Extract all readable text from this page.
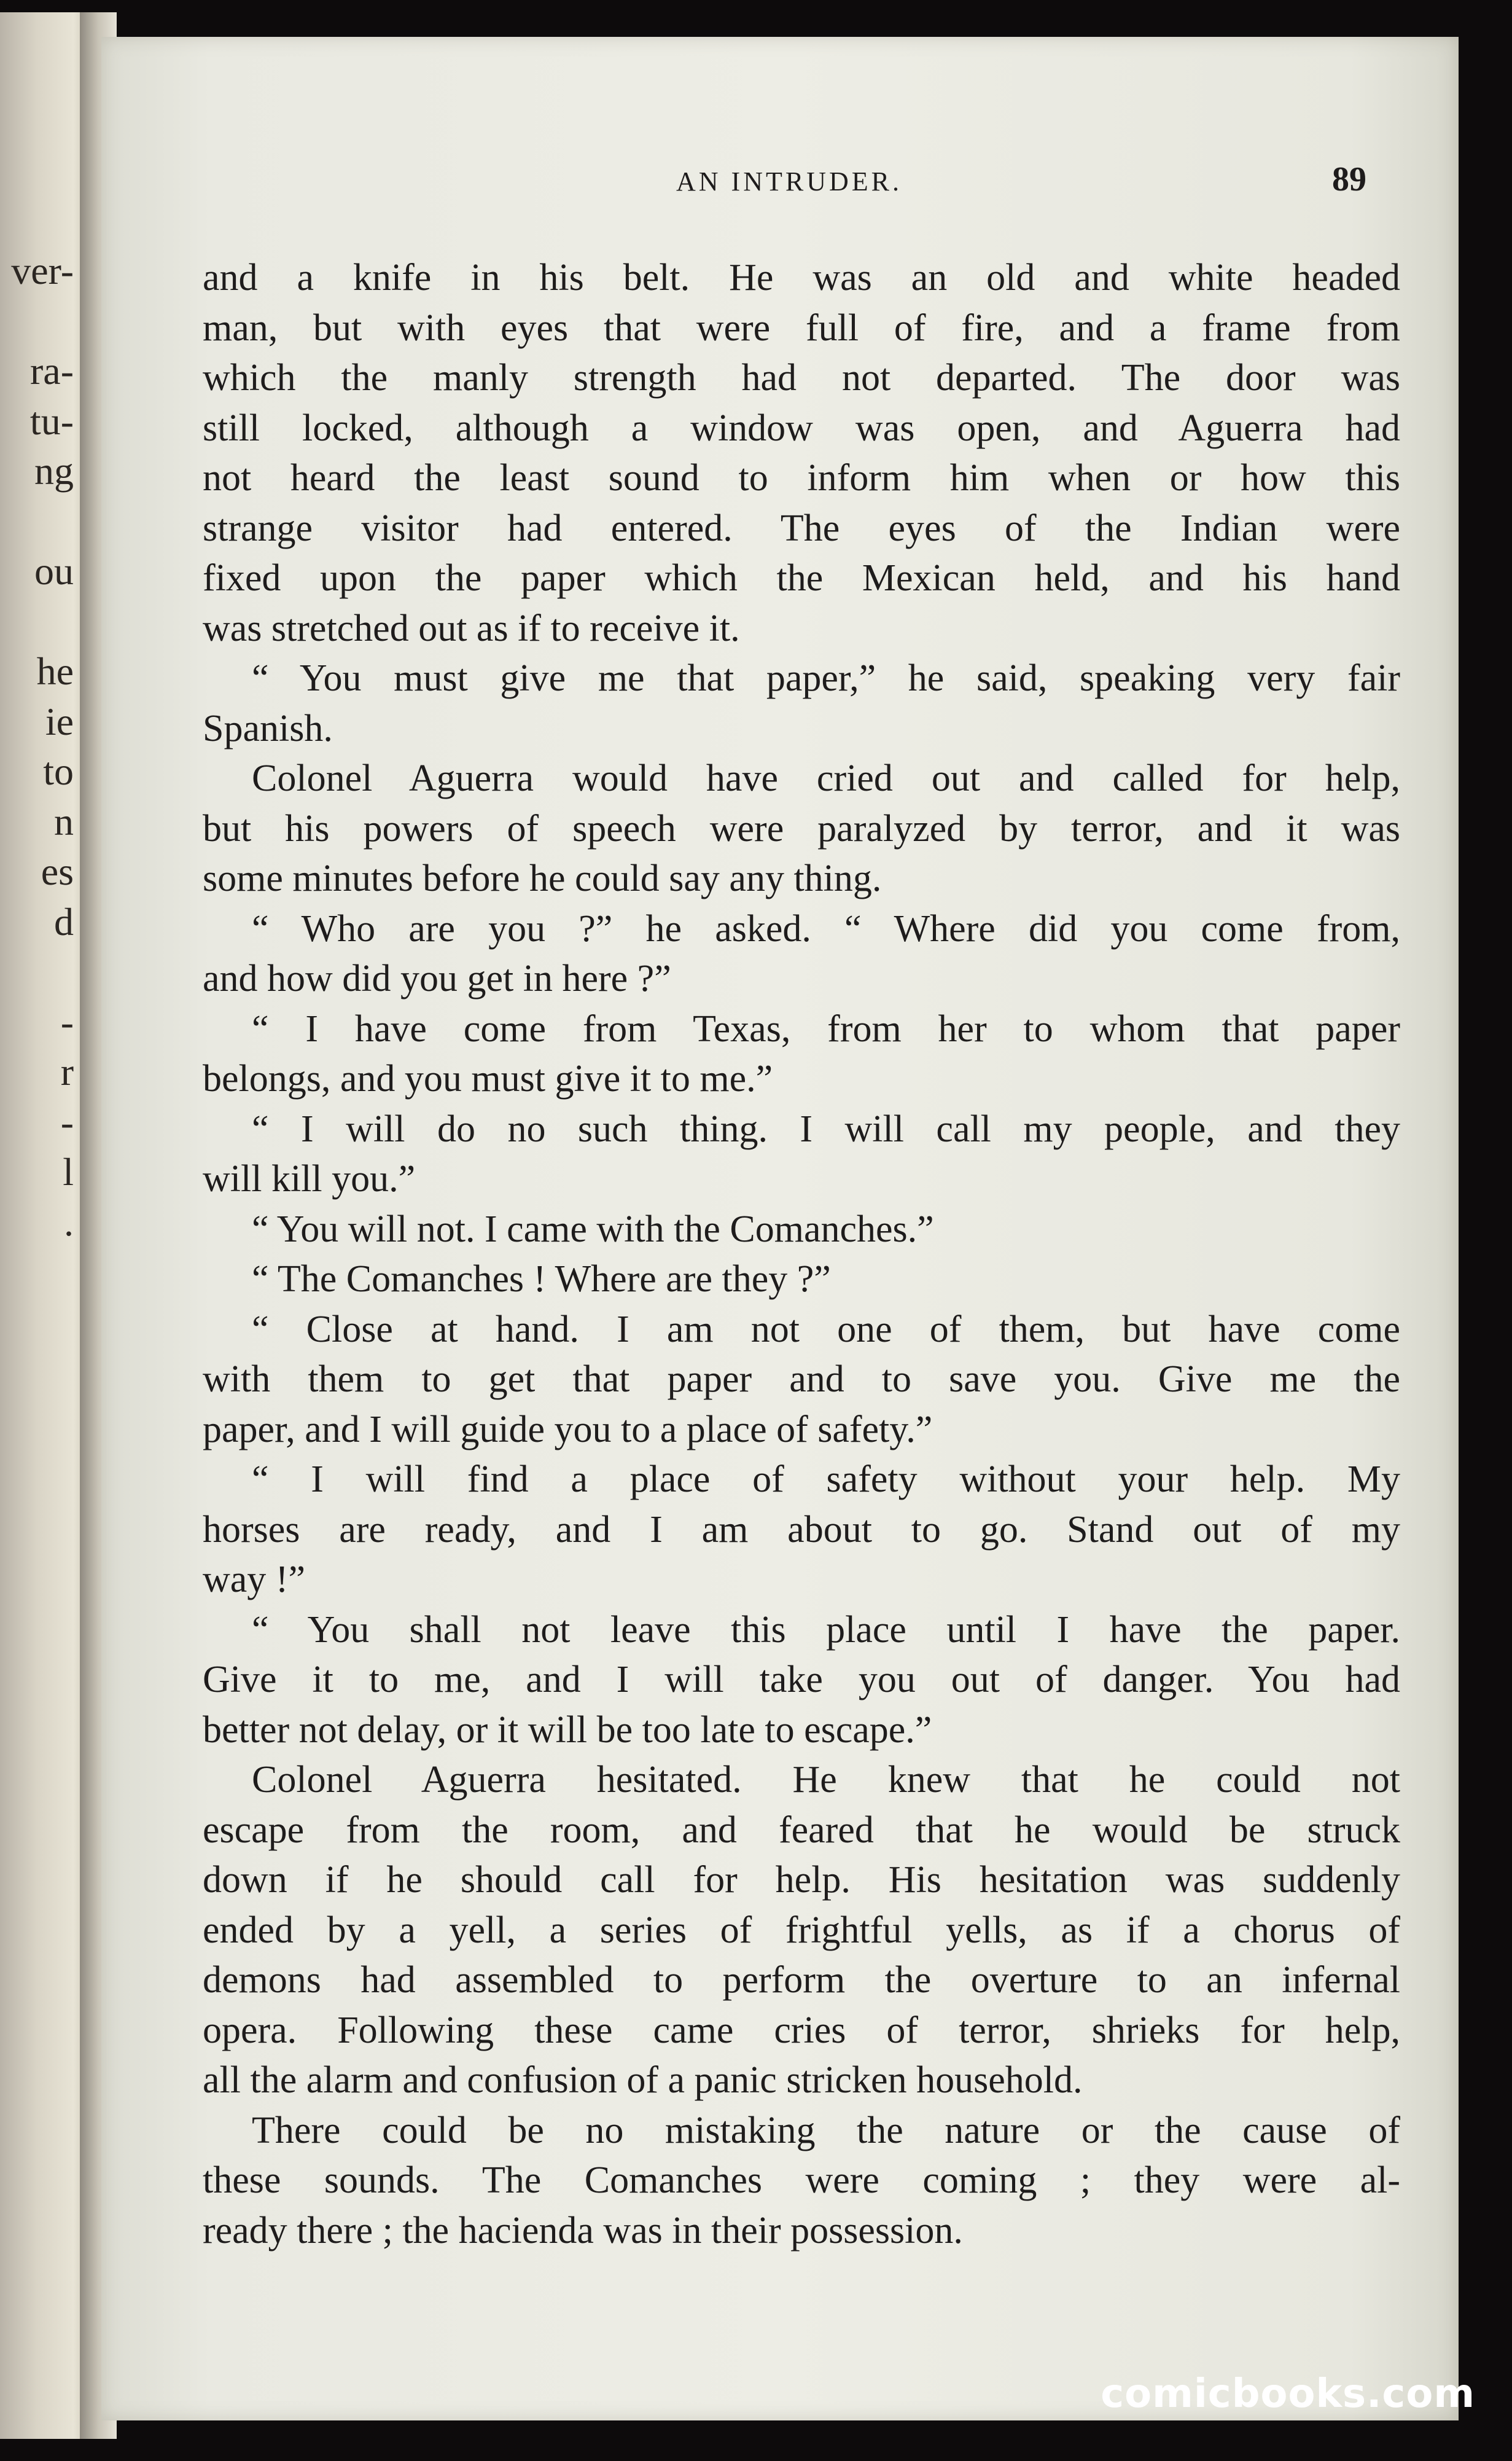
ver-
ra-
tu-
ng
ou
he
ie
to
n
es
d
-
r
-
l
.
AN INTRUDER.	89
and a knife in his belt. He was an old and white headed
man, but with eyes that were full of fire, and a frame from
which the manly strength had not departed. The door was
still locked, although a window was open, and Aguerra had
not heard the least sound to inform him when or how this
strange visitor had entered. The eyes of the Indian were
fixed upon the paper which the Mexican held, and his hand
was stretched out as if to receive it.
“ You must give me that paper,” he said, speaking very fair
Spanish.
Colonel Aguerra would have cried out and called for help,
but his powers of speech were paralyzed by terror, and it was
some minutes before he could say any thing.
“ Who are you ?” he asked. “ Where did you come from,
and how did you get in here ?”
“ I have come from Texas, from her to whom that paper
belongs, and you must give it to me.”
“ I will do no such thing. I will call my people, and they
will kill you.”
“ You will not. I came with the Comanches.”
“ The Comanches ! Where are they ?”
“ Close at hand. I am not one of them, but have come
with them to get that paper and to save you. Give me the
paper, and I will guide you to a place of safety.”
“ I will find a place of safety without your help. My
horses are ready, and I am about to go. Stand out of my
way !”
“ You shall not leave this place until I have the paper.
Give it to me, and I will take you out of danger. You had
better not delay, or it will be too late to escape.”
Colonel Aguerra hesitated. He knew that he could not
escape from the room, and feared that he would be struck
down if he should call for help. His hesitation was suddenly
ended by a yell, a series of frightful yells, as if a chorus of
demons had assembled to perform the overture to an infernal
opera. Following these came cries of terror, shrieks for help,
all the alarm and confusion of a panic stricken household.
There could be no mistaking the nature or the cause of
these sounds. The Comanches were coming ; they were al-
ready there ; the hacienda was in their possession.
comicbooks.com
